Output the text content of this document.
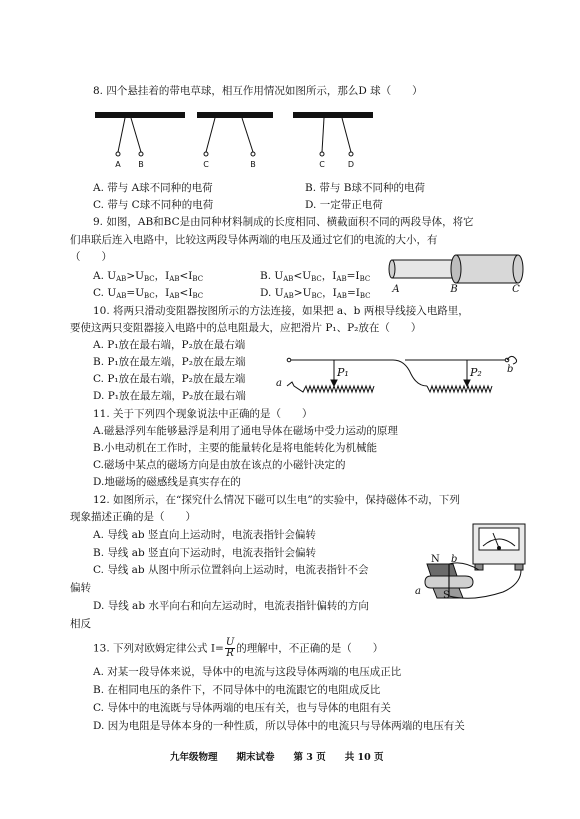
8. 四个悬挂着的带电草球，相互作用情况如图所示，那么D 球（　　）
A B	C	B	C	D
A. 带与 A球不同种的电荷	B. 带与 B球不同种的电荷
C. 带与 C球不同种的电荷	D. 一定带正电荷
9. 如图，AB和BC是由同种材料制成的长度相同、横截面积不同的两段导体，将它
们串联后连入电路中，比较这两段导体两端的电压及通过它们的电流的大小，有
（　　）
A. $U_{AB}>U_{BC}$，$I_{AB}<I_{BC}$	B. $U_{AB}<U_{BC}$，$I_{AB}=I_{BC}$
C. $U_{AB}=U_{BC}$，$I_{AB}<I_{BC}$	D. $U_{AB}>U_{BC}$，$I_{AB}=I_{BC}$
A	B	C
10. 将两只滑动变阻器按图所示的方法连接，如果把 a、b 两根导线接入电路里，
要使这两只变阻器接入电路中的总电阻最大，应把滑片 P₁、P₂放在（　　）
A. P₁放在最右端，P₂放在最右端
B. P₁放在最左端，P₂放在最左端
C. P₁放在最右端，P₂放在最左端
D. P₁放在最左端，P₂放在最右端
P₁	P₂
a
b
11. 关于下列四个现象说法中正确的是（　　）
A.磁悬浮列车能够悬浮是利用了通电导体在磁场中受力运动的原理
B.小电动机在工作时，主要的能量转化是将电能转化为机械能
C.磁场中某点的磁场方向是由放在该点的小磁针决定的
D.地磁场的磁感线是真实存在的
12. 如图所示，在“探究什么情况下磁可以生电”的实验中，保持磁体不动，下列
现象描述正确的是（　　）
A. 导线 ab 竖直向上运动时，电流表指针会偏转
B. 导线 ab 竖直向下运动时，电流表指针会偏转
C. 导线 ab 从图中所示位置斜向上运动时，电流表指针不会
偏转
D. 导线 ab 水平向右和向左运动时，电流表指针偏转的方向
相反
N
S
a
b
13. 下列对欧姆定律公式 $I= \frac{U}{R}$ 的理解中，不正确的是（　　）
A. 对某一段导体来说，导体中的电流与这段导体两端的电压成正比
B. 在相同电压的条件下，不同导体中的电流跟它的电阻成反比
C. 导体中的电流既与导体两端的电压有关，也与导体的电阻有关
D. 因为电阻是导体本身的一种性质，所以导体中的电流只与导体两端的电压有关
九年级物理　　期末试卷　　第 3 页　　共 10 页
